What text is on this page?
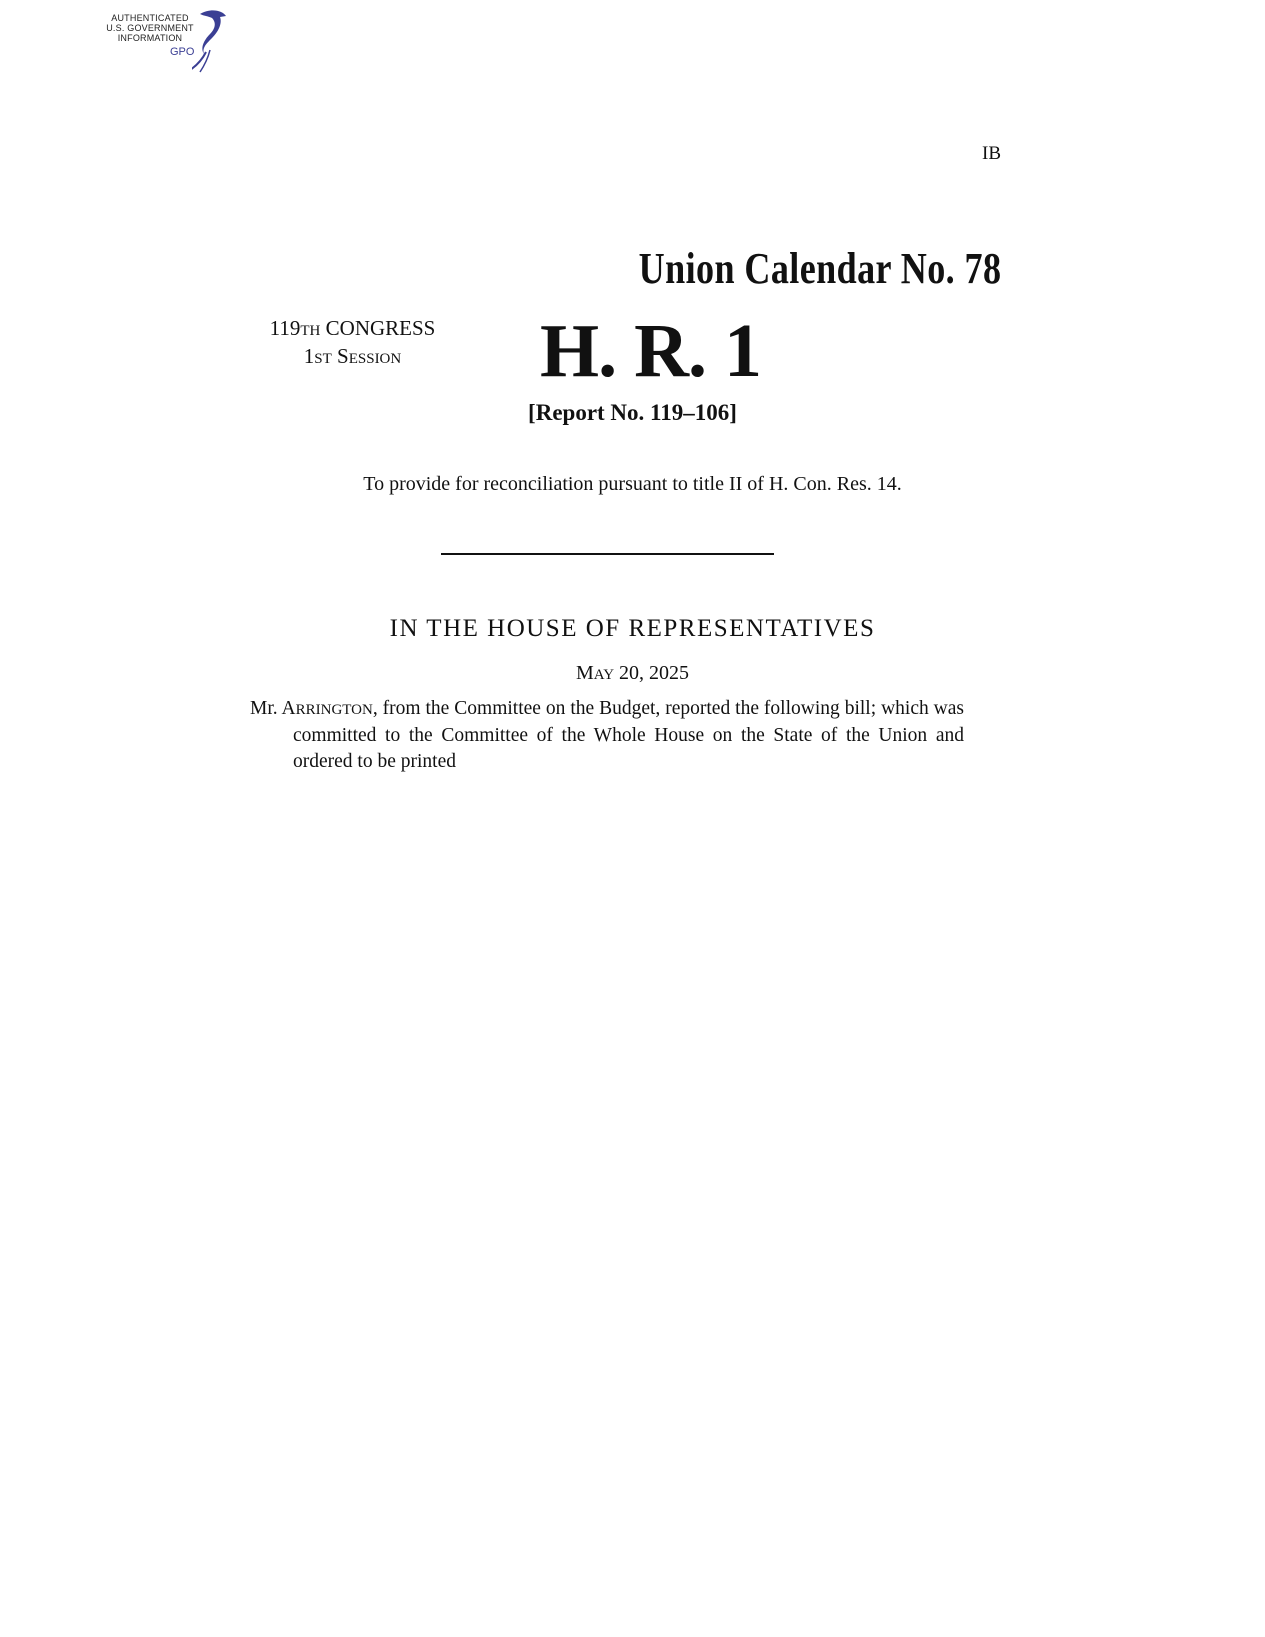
AUTHENTICATED
U.S. GOVERNMENT
INFORMATION
GPO
IB
Union Calendar No. 78
119TH CONGRESS
1ST SESSION	H. R. 1
[Report No. 119–106]
To provide for reconciliation pursuant to title II of H. Con. Res. 14.
IN THE HOUSE OF REPRESENTATIVES
MAY 20, 2025
Mr. ARRINGTON, from the Committee on the Budget, reported the following bill; which was committed to the Committee of the Whole House on the State of the Union and ordered to be printed
